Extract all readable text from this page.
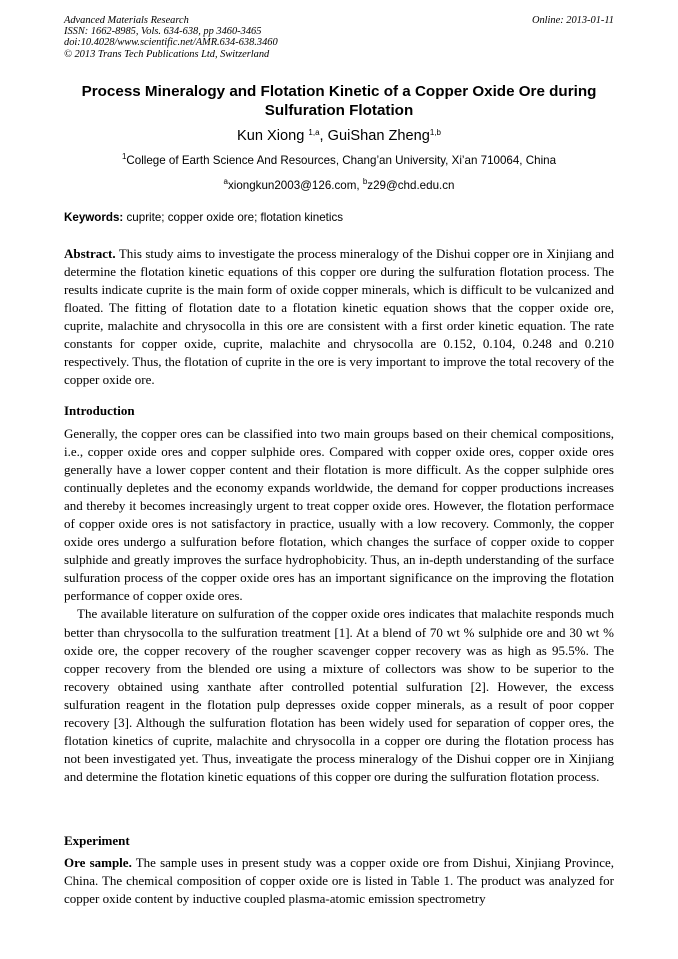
Advanced Materials Research
ISSN: 1662-8985, Vols. 634-638, pp 3460-3465
doi:10.4028/www.scientific.net/AMR.634-638.3460
© 2013 Trans Tech Publications Ltd, Switzerland
Online: 2013-01-11
Process Mineralogy and Flotation Kinetic of a Copper Oxide Ore during Sulfuration Flotation
Kun Xiong $^{1,a}$, GuiShan Zheng$^{1,b}$
$^1$College of Earth Science And Resources, Chang’an University, Xi’an 710064, China
$^a$xiongkun2003@126.com, $^b$z29@chd.edu.cn
Keywords: cuprite; copper oxide ore; flotation kinetics
Abstract. This study aims to investigate the process mineralogy of the Dishui copper ore in Xinjiang and determine the flotation kinetic equations of this copper ore during the sulfuration flotation process. The results indicate cuprite is the main form of oxide copper minerals, which is difficult to be vulcanized and floated. The fitting of flotation date to a flotation kinetic equation shows that the copper oxide ore, cuprite, malachite and chrysocolla in this ore are consistent with a first order kinetic equation. The rate constants for copper oxide, cuprite, malachite and chrysocolla are 0.152, 0.104, 0.248 and 0.210 respectively. Thus, the flotation of cuprite in the ore is very important to improve the total recovery of the copper oxide ore.
Introduction

Generally, the copper ores can be classified into two main groups based on their chemical compositions, i.e., copper oxide ores and copper sulphide ores. Compared with copper oxide ores, copper oxide ores generally have a lower copper content and their flotation is more difficult. As the copper sulphide ores continually depletes and the economy expands worldwide, the demand for copper productions increases and thereby it becomes increasingly urgent to treat copper oxide ores. However, the flotation performace of copper oxide ores is not satisfactory in practice, usually with a low recovery. Commonly, the copper oxide ores undergo a sulfuration before flotation, which changes the surface of copper oxide to copper sulphide and greatly improves the surface hydrophobicity. Thus, an in-depth understanding of the surface sulfuration process of the copper oxide ores has an important significance on the improving the flotation performance of copper oxide ores.

The available literature on sulfuration of the copper oxide ores indicates that malachite responds much better than chrysocolla to the sulfuration treatment [1]. At a blend of 70 wt % sulphide ore and 30 wt % oxide ore, the copper recovery of the rougher scavenger copper recovery was as high as 95.5%. The copper recovery from the blended ore using a mixture of collectors was show to be superior to the recovery obtained using xanthate after controlled potential sulfuration [2]. However, the excess sulfuration reagent in the flotation pulp depresses oxide copper minerals, as a result of poor copper recovery [3]. Although the sulfuration flotation has been widely used for separation of copper ores, the flotation kinetics of cuprite, malachite and chrysocolla in a copper ore during the flotation process has not been investigated yet. Thus, inveatigate the process mineralogy of the Dishui copper ore in Xinjiang and determine the flotation kinetic equations of this copper ore during the sulfuration flotation process.

Experiment
Ore sample. The sample uses in present study was a copper oxide ore from Dishui, Xinjiang Province, China. The chemical composition of copper oxide ore is listed in Table 1. The product was analyzed for copper oxide content by inductive coupled plasma-atomic emission spectrometry
